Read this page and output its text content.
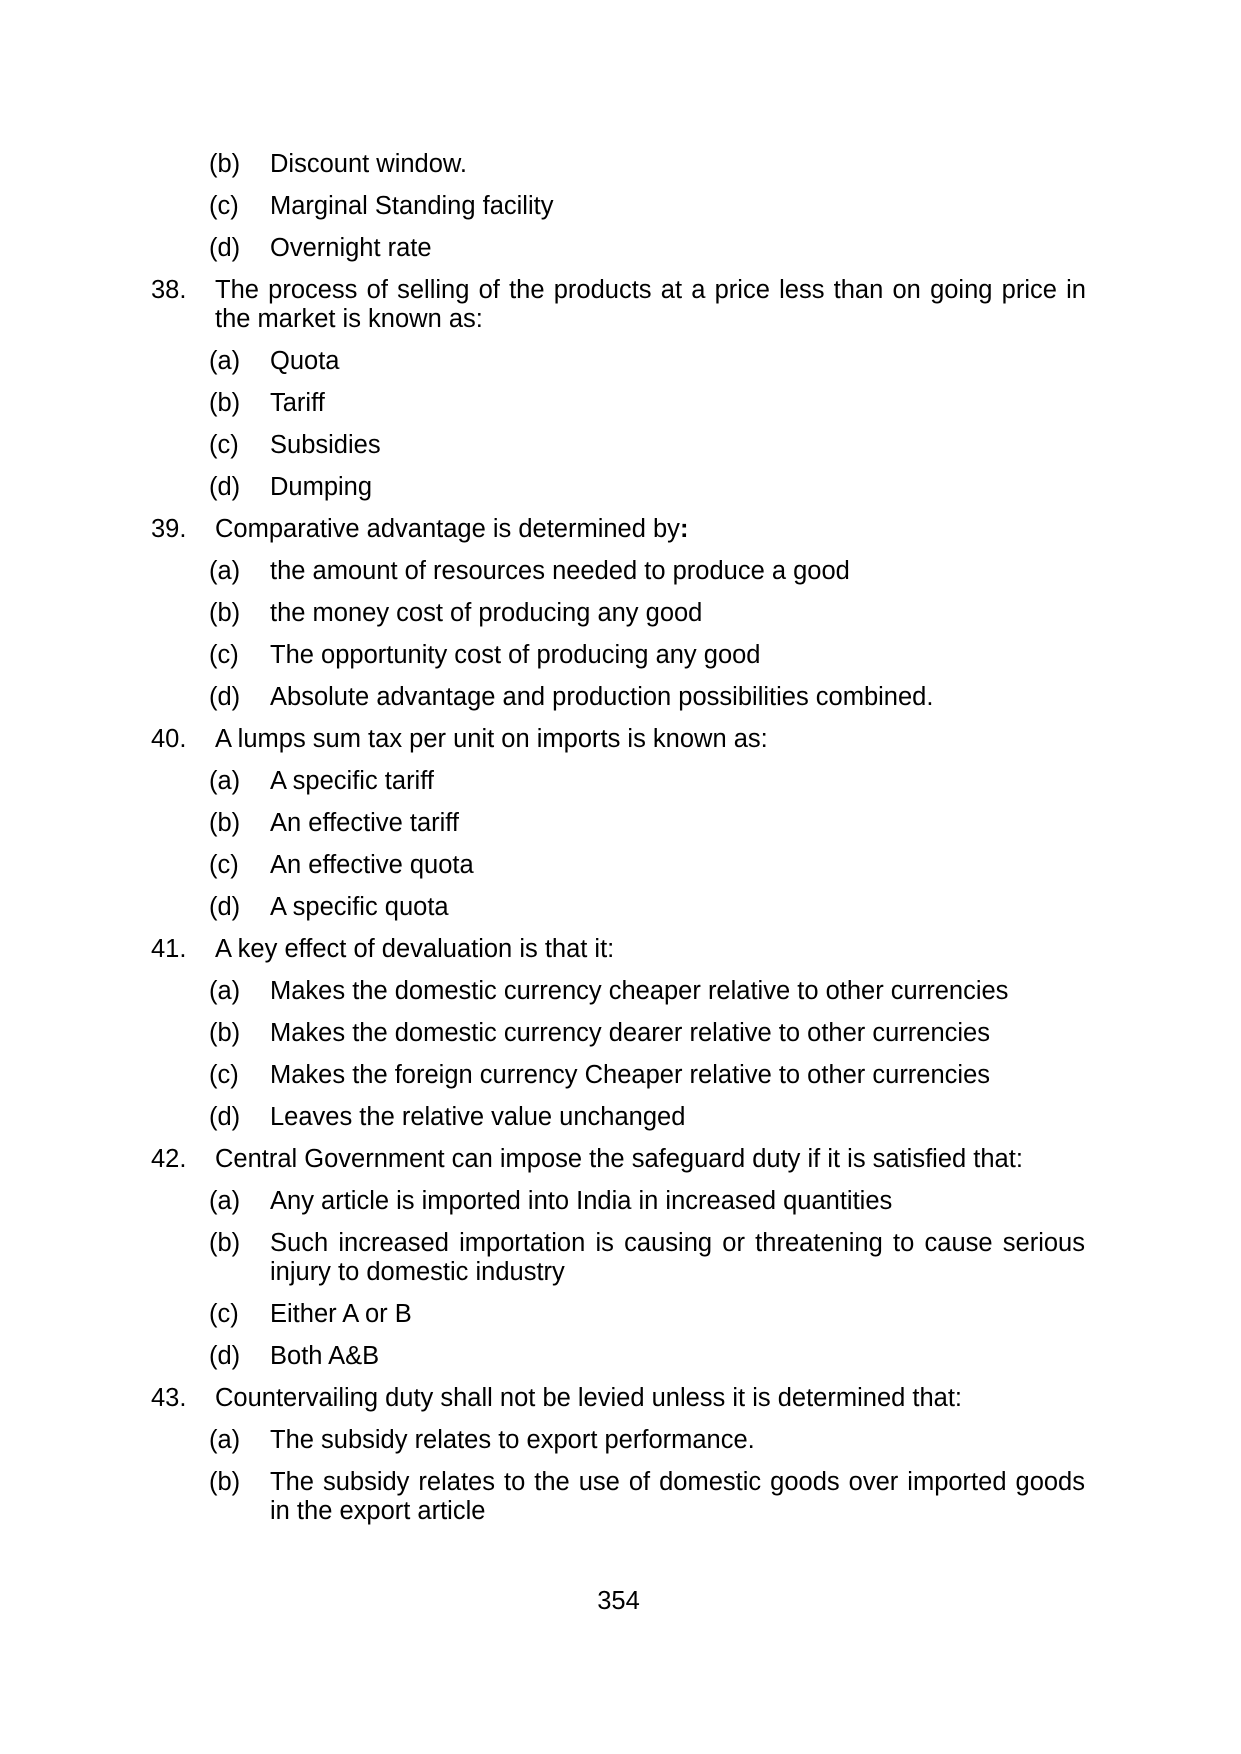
(b)	Discount window.
(c)	Marginal Standing facility
(d)	Overnight rate
38.	The process of selling of the products at a price less than on going price in the market is known as:
(a)	Quota
(b)	Tariff
(c)	Subsidies
(d)	Dumping
39.	Comparative advantage is determined by:
(a)	the amount of resources needed to produce a good
(b)	the money cost of producing any good
(c)	The opportunity cost of producing any good
(d)	Absolute advantage and production possibilities combined.
40.	A lumps sum tax per unit on imports is known as:
(a)	A specific tariff
(b)	An effective tariff
(c)	An effective quota
(d)	A specific quota
41.	A key effect of devaluation is that it:
(a)	Makes the domestic currency cheaper relative to other currencies
(b)	Makes the domestic currency dearer relative to other currencies
(c)	Makes the foreign currency Cheaper relative to other currencies
(d)	Leaves the relative value unchanged
42.	Central Government can impose the safeguard duty if it is satisfied that:
(a)	Any article is imported into India in increased quantities
(b)	Such increased importation is causing or threatening to cause serious injury to domestic industry
(c)	Either A or B
(d)	Both A&B
43.	Countervailing duty shall not be levied unless it is determined that:
(a)	The subsidy relates to export performance.
(b)	The subsidy relates to the use of domestic goods over imported goods in the export article
354
